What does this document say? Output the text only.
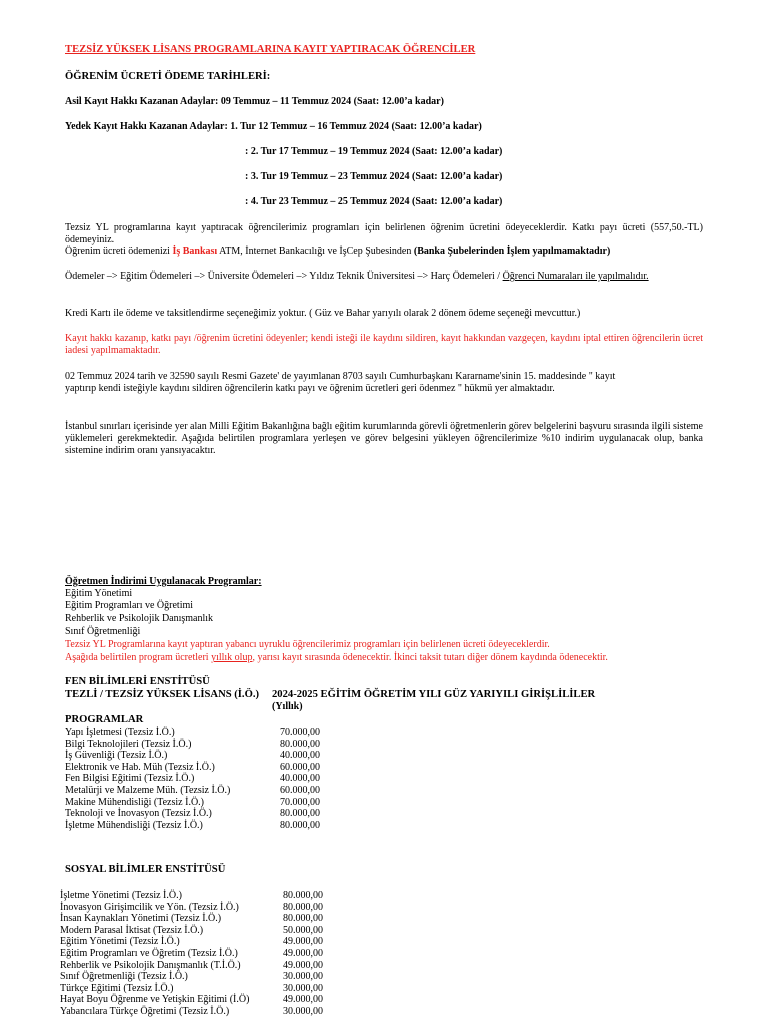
TEZSİZ YÜKSEK LİSANS PROGRAMLARINA KAYIT YAPTIRACAK ÖĞRENCİLER
ÖĞRENİM ÜCRETİ ÖDEME TARİHLERİ:
Asil Kayıt Hakkı Kazanan Adaylar: 09 Temmuz – 11 Temmuz 2024 (Saat: 12.00’a kadar)
Yedek Kayıt Hakkı Kazanan Adaylar: 1. Tur 12 Temmuz – 16 Temmuz 2024 (Saat: 12.00’a kadar)
: 2. Tur 17 Temmuz – 19 Temmuz 2024 (Saat: 12.00’a kadar)
: 3. Tur 19 Temmuz – 23 Temmuz 2024 (Saat: 12.00’a kadar)
: 4. Tur 23 Temmuz – 25 Temmuz 2024 (Saat: 12.00’a kadar)
Tezsiz YL programlarına kayıt yaptıracak öğrencilerimiz programları için belirlenen öğrenim ücretini ödeyeceklerdir. Katkı payı ücreti (557,50.-TL) ödemeyiniz.
Öğrenim ücreti ödemenizi İş Bankası ATM, İnternet Bankacılığı ve İşCep Şubesinden (Banka Şubelerinden İşlem yapılmamaktadır)
Ödemeler –> Eğitim Ödemeleri –> Üniversite Ödemeleri –> Yıldız Teknik Üniversitesi –> Harç Ödemeleri / Öğrenci Numaraları ile yapılmalıdır.
Kredi Kartı ile ödeme ve taksitlendirme seçeneğimiz yoktur. ( Güz ve Bahar yarıyılı olarak 2 dönem ödeme seçeneği mevcuttur.)
Kayıt hakkı kazanıp, katkı payı /öğrenim ücretini ödeyenler; kendi isteği ile kaydını sildiren, kayıt hakkından vazgeçen, kaydını iptal ettiren öğrencilerin ücret iadesi yapılmamaktadır.
02 Temmuz 2024 tarih ve 32590 sayılı Resmi Gazete' de yayımlanan 8703 sayılı Cumhurbaşkanı Kararname'sinin 15. maddesinde " kayıt
yaptırıp kendi isteğiyle kaydını sildiren öğrencilerin katkı payı ve öğrenim ücretleri geri ödenmez " hükmü yer almaktadır.
İstanbul sınırları içerisinde yer alan Milli Eğitim Bakanlığına bağlı eğitim kurumlarında görevli öğretmenlerin görev belgelerini başvuru sırasında ilgili sisteme yüklemeleri gerekmektedir. Aşağıda belirtilen programlara yerleşen ve görev belgesini yükleyen öğrencilerimize %10 indirim uygulanacak olup, banka sistemine indirim oranı yansıyacaktır.
Öğretmen İndirimi Uygulanacak Programlar:
Eğitim Yönetimi
Eğitim Programları ve Öğretimi
Rehberlik ve Psikolojik Danışmanlık
Sınıf Öğretmenliği
Tezsiz YL Programlarına kayıt yaptıran yabancı uyruklu öğrencilerimiz programları için belirlenen ücreti ödeyeceklerdir.
Aşağıda belirtilen program ücretleri yıllık olup, yarısı kayıt sırasında ödenecektir. İkinci taksit tutarı diğer dönem kaydında ödenecektir.
FEN BİLİMLERİ ENSTİTÜSÜ
TEZLİ / TEZSİZ YÜKSEK LİSANS (İ.Ö.) 2024-2025 EĞİTİM ÖĞRETİM YILI GÜZ YARIYILI GİRİŞLİLİLER
(Yıllık)
PROGRAMLAR
Yapı İşletmesi (Tezsiz İ.Ö.)	70.000,00
Bilgi Teknolojileri (Tezsiz İ.Ö.)	80.000,00
İş Güvenliği (Tezsiz İ.Ö.)	40.000,00
Elektronik ve Hab. Müh (Tezsiz İ.Ö.)	60.000,00
Fen Bilgisi Eğitimi (Tezsiz İ.Ö.)	40.000,00
Metalürji ve Malzeme Müh. (Tezsiz İ.Ö.)	60.000,00
Makine Mühendisliği (Tezsiz İ.Ö.)	70.000,00
Teknoloji ve İnovasyon (Tezsiz İ.Ö.)	80.000,00
İşletme Mühendisliği (Tezsiz İ.Ö.)	80.000,00
SOSYAL BİLİMLER ENSTİTÜSÜ
İşletme Yönetimi (Tezsiz İ.Ö.)	80.000,00
İnovasyon Girişimcilik ve Yön. (Tezsiz İ.Ö.)	80.000,00
İnsan Kaynakları Yönetimi (Tezsiz İ.Ö.)	80.000,00
Modern Parasal İktisat (Tezsiz İ.Ö.)	50.000,00
Eğitim Yönetimi (Tezsiz İ.Ö.)	49.000,00
Eğitim Programları ve Öğretim (Tezsiz İ.Ö.)	49.000,00
Rehberlik ve Psikolojik Danışmanlık (T.İ.Ö.)	49.000,00
Sınıf Öğretmenliği (Tezsiz İ.Ö.)	30.000,00
Türkçe Eğitimi (Tezsiz İ.Ö.)	30.000,00
Hayat Boyu Öğrenme ve Yetişkin Eğitimi (İ.Ö)	49.000,00
Yabancılara Türkçe Öğretimi (Tezsiz İ.Ö.)	30.000,00
